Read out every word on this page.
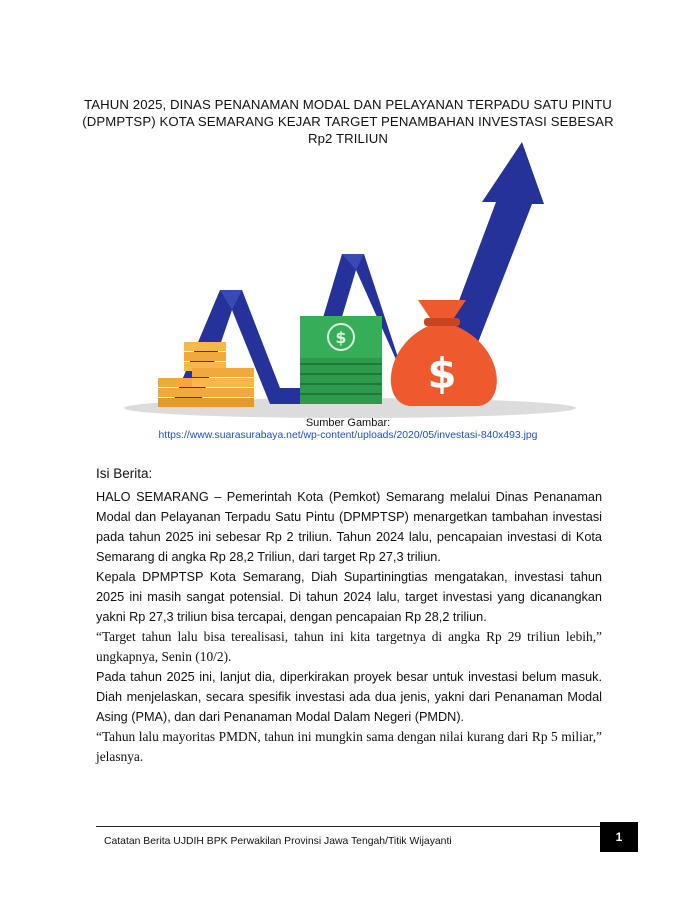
TAHUN 2025, DINAS PENANAMAN MODAL DAN PELAYANAN TERPADU SATU PINTU (DPMPTSP) KOTA SEMARANG KEJAR TARGET PENAMBAHAN INVESTASI SEBESAR Rp2 TRILIUN
$
$
Sumber Gambar:
https://www.suarasurabaya.net/wp-content/uploads/2020/05/investasi-840x493.jpg
Isi Berita:

HALO SEMARANG – Pemerintah Kota (Pemkot) Semarang melalui Dinas Penanaman Modal dan Pelayanan Terpadu Satu Pintu (DPMPTSP) menargetkan tambahan investasi pada tahun 2025 ini sebesar Rp 2 triliun. Tahun 2024 lalu, pencapaian investasi di Kota Semarang di angka Rp 28,2 Triliun, dari target Rp 27,3 triliun.

Kepala DPMPTSP Kota Semarang, Diah Supartiningtias mengatakan, investasi tahun 2025 ini masih sangat potensial. Di tahun 2024 lalu, target investasi yang dicanangkan yakni Rp 27,3 triliun bisa tercapai, dengan pencapaian Rp 28,2 triliun.

“Target tahun lalu bisa terealisasi, tahun ini kita targetnya di angka Rp 29 triliun lebih,” ungkapnya, Senin (10/2).

Pada tahun 2025 ini, lanjut dia, diperkirakan proyek besar untuk investasi belum masuk. Diah menjelaskan, secara spesifik investasi ada dua jenis, yakni dari Penanaman Modal Asing (PMA), dan dari Penanaman Modal Dalam Negeri (PMDN).

“Tahun lalu mayoritas PMDN, tahun ini mungkin sama dengan nilai kurang dari Rp 5 miliar,” jelasnya.

Catatan Berita UJDIH BPK Perwakilan Provinsi Jawa Tengah/Titik Wijayanti	1
